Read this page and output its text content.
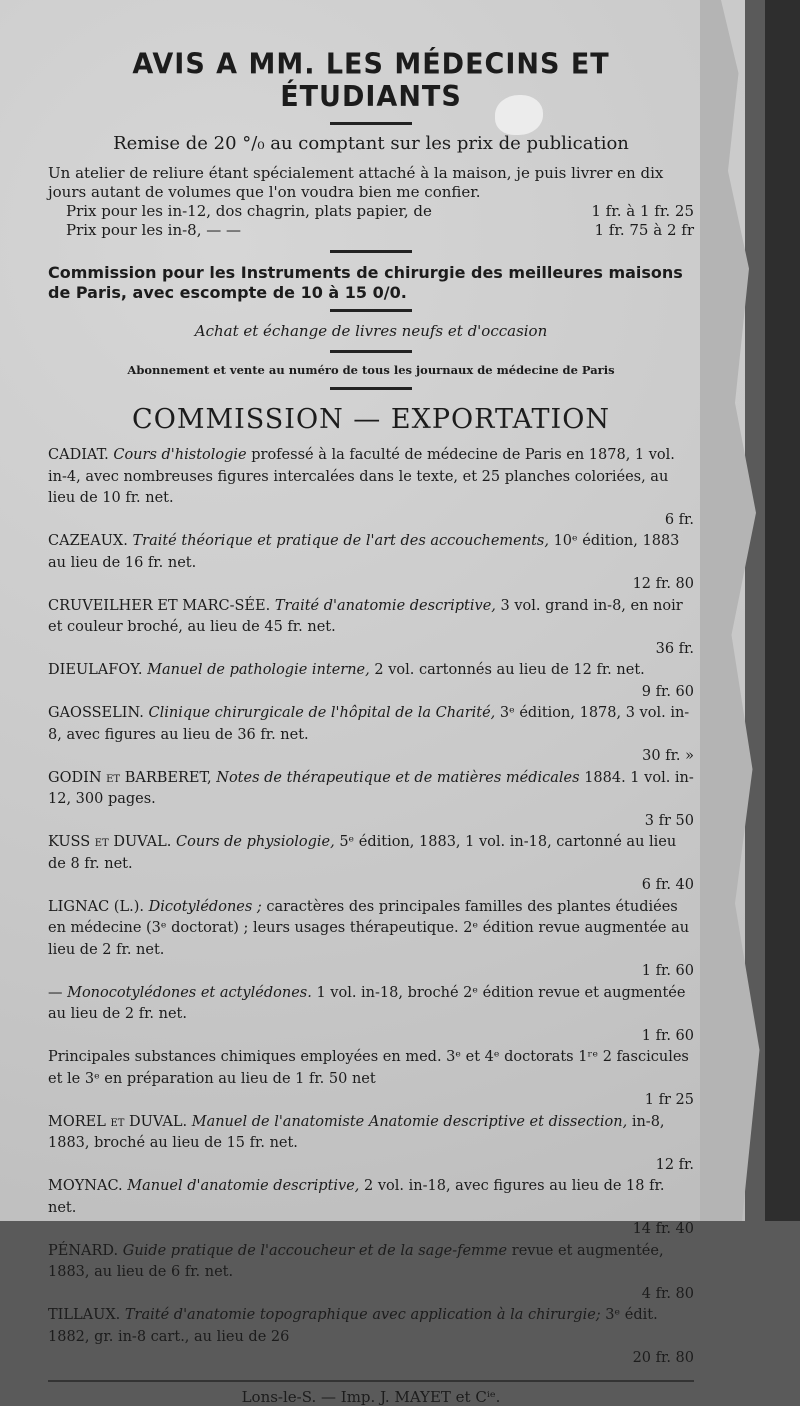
AVIS A MM. LES MÉDECINS ET ÉTUDIANTS
Remise de 20 °/₀ au comptant sur les prix de publication

Un atelier de reliure étant spécialement attaché à la maison, je puis livrer en dix jours autant de volumes que l'on voudra bien me confier.

Prix pour les in-12, dos chagrin, plats papier, de	1 fr. à 1 fr. 25
Prix pour les in-8, — —	1 fr. 75 à 2 fr

Commission pour les Instruments de chirurgie des meilleures maisons de Paris, avec escompte de 10 à 15 0/0.

Achat et échange de livres neufs et d'occasion

Abonnement et vente au numéro de tous les journaux de médecine de Paris

COMMISSION — EXPORTATION

CADIAT. Cours d'histologie professé à la faculté de médecine de Paris en 1878, 1 vol. in-4, avec nombreuses figures intercalées dans le texte, et 25 planches coloriées, au lieu de 10 fr. net.
6 fr.

CAZEAUX. Traité théorique et pratique de l'art des accouchements, 10ᵉ édition, 1883 au lieu de 16 fr. net.
12 fr. 80

CRUVEILHER ET MARC-SÉE. Traité d'anatomie descriptive, 3 vol. grand in-8, en noir et couleur broché, au lieu de 45 fr. net.
36 fr.

DIEULAFOY. Manuel de pathologie interne, 2 vol. cartonnés au lieu de 12 fr. net.
9 fr. 60

GAOSSELIN. Clinique chirurgicale de l'hôpital de la Charité, 3ᵉ édition, 1878, 3 vol. in-8, avec figures au lieu de 36 fr. net.
30 fr. »

GODIN et BARBERET, Notes de thérapeutique et de matières médicales 1884. 1 vol. in-12, 300 pages.
3 fr 50

KUSS et DUVAL. Cours de physiologie, 5ᵉ édition, 1883, 1 vol. in-18, cartonné au lieu de 8 fr. net.
6 fr. 40

LIGNAC (L.). Dicotylédones ; caractères des principales familles des plantes étudiées en médecine (3ᵉ doctorat) ; leurs usages thérapeutique. 2ᵉ édition revue augmentée au lieu de 2 fr. net.
1 fr. 60

— Monocotylédones et actylédones. 1 vol. in-18, broché 2ᵉ édition revue et augmentée au lieu de 2 fr. net.
1 fr. 60

Principales substances chimiques employées en med. 3ᵉ et 4ᵉ doctorats 1ʳᵉ 2 fascicules et le 3ᵉ en préparation au lieu de 1 fr. 50 net
1 fr 25

MOREL et DUVAL. Manuel de l'anatomiste Anatomie descriptive et dissection, in-8, 1883, broché au lieu de 15 fr. net.
12 fr.

MOYNAC. Manuel d'anatomie descriptive, 2 vol. in-18, avec figures au lieu de 18 fr. net.
14 fr. 40

PÉNARD. Guide pratique de l'accoucheur et de la sage-femme revue et augmentée, 1883, au lieu de 6 fr. net.
4 fr. 80

TILLAUX. Traité d'anatomie topographique avec application à la chirurgie; 3ᵉ édit. 1882, gr. in-8 cart., au lieu de 26
20 fr. 80

Lons-le-S. — Imp. J. MAYET et Cⁱᵉ.
